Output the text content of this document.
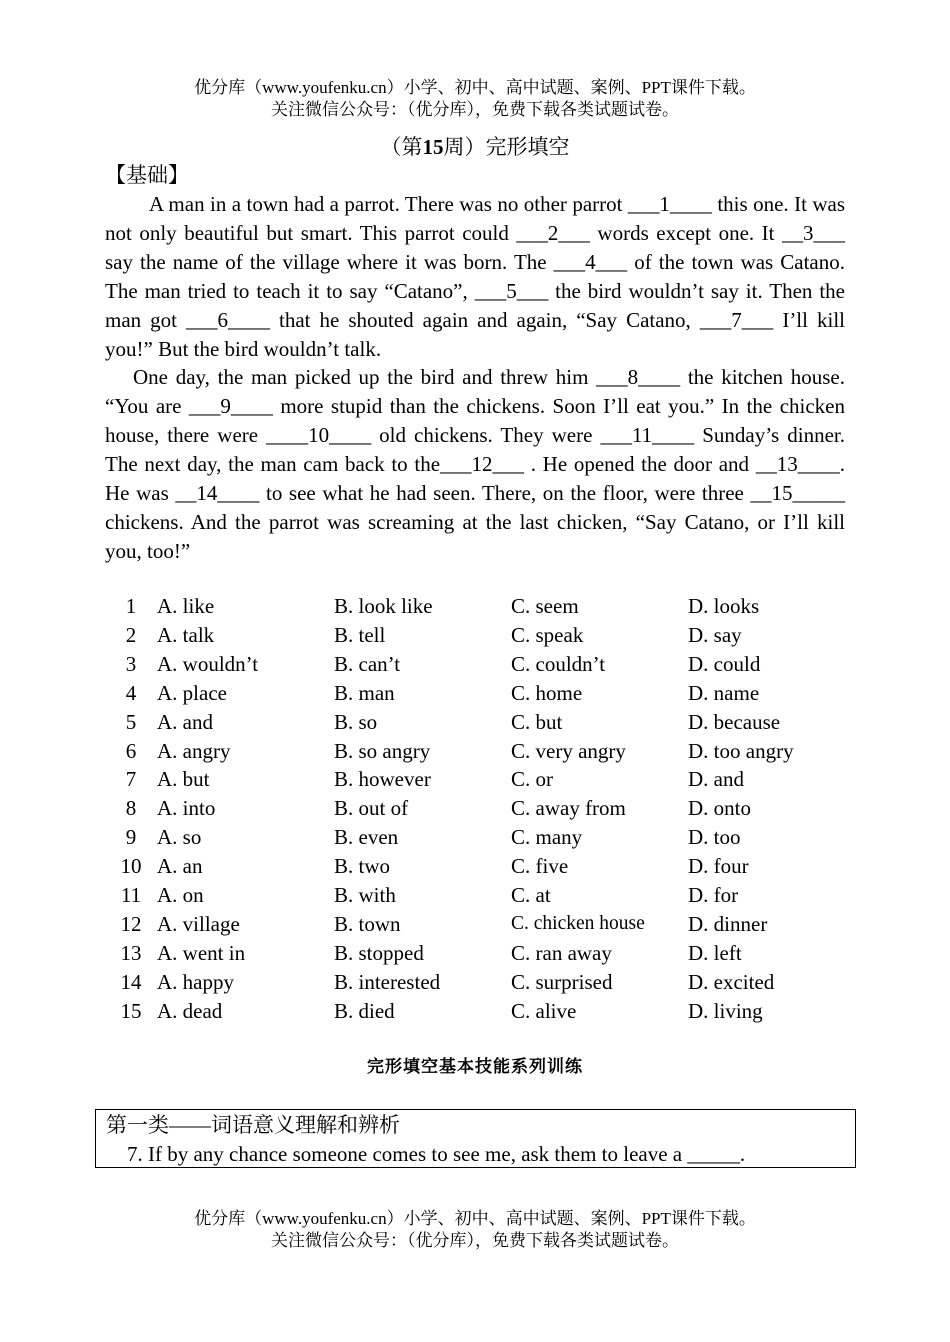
优分库（www.youfenku.cn）小学、初中、高中试题、案例、PPT课件下载。
关注微信公众号：（优分库），免费下载各类试题试卷。
（第15周）完形填空
【基础】

A man in a town had a parrot. There was no other parrot ___1____ this one. It was not only beautiful but smart. This parrot could ___2___ words except one. It __3___ say the name of the village where it was born. The ___4___ of the town was Catano. The man tried to teach it to say “Catano”, ___5___ the bird wouldn’t say it. Then the man got ___6____ that he shouted again and again, “Say Catano, ___7___ I’ll kill you!” But the bird wouldn’t talk.

One day, the man picked up the bird and threw him ___8____ the kitchen house. “You are ___9____ more stupid than the chickens. Soon I’ll eat you.” In the chicken house, there were ____10____ old chickens. They were ___11____ Sunday’s dinner. The next day, the man cam back to the___12___ . He opened the door and __13____. He was __14____ to see what he had seen. There, on the floor, were three __15_____ chickens. And the parrot was screaming at the last chicken, “Say Catano, or I’ll kill you, too!”

1	A. like	B. look like	C. seem	D. looks
2	A. talk	B. tell	C. speak	D. say
3	A. wouldn’t	B. can’t	C. couldn’t	D. could
4	A. place	B. man	C. home	D. name
5	A. and	B. so	C. but	D. because
6	A. angry	B. so angry	C. very angry	D. too angry
7	A. but	B. however	C. or	D. and
8	A. into	B. out of	C. away from	D. onto
9	A. so	B. even	C. many	D. too
10	A. an	B. two	C. five	D. four
11	A. on	B. with	C. at	D. for
12	A. village	B. town	C. chicken house	D. dinner
13	A. went in	B. stopped	C. ran away	D. left
14	A. happy	B. interested	C. surprised	D. excited
15	A. dead	B. died	C. alive	D. living
完形填空基本技能系列训练
第一类——词语意义理解和辨析
7. If by any chance someone comes to see me, ask them to leave a _____.
优分库（www.youfenku.cn）小学、初中、高中试题、案例、PPT课件下载。
关注微信公众号：（优分库），免费下载各类试题试卷。
